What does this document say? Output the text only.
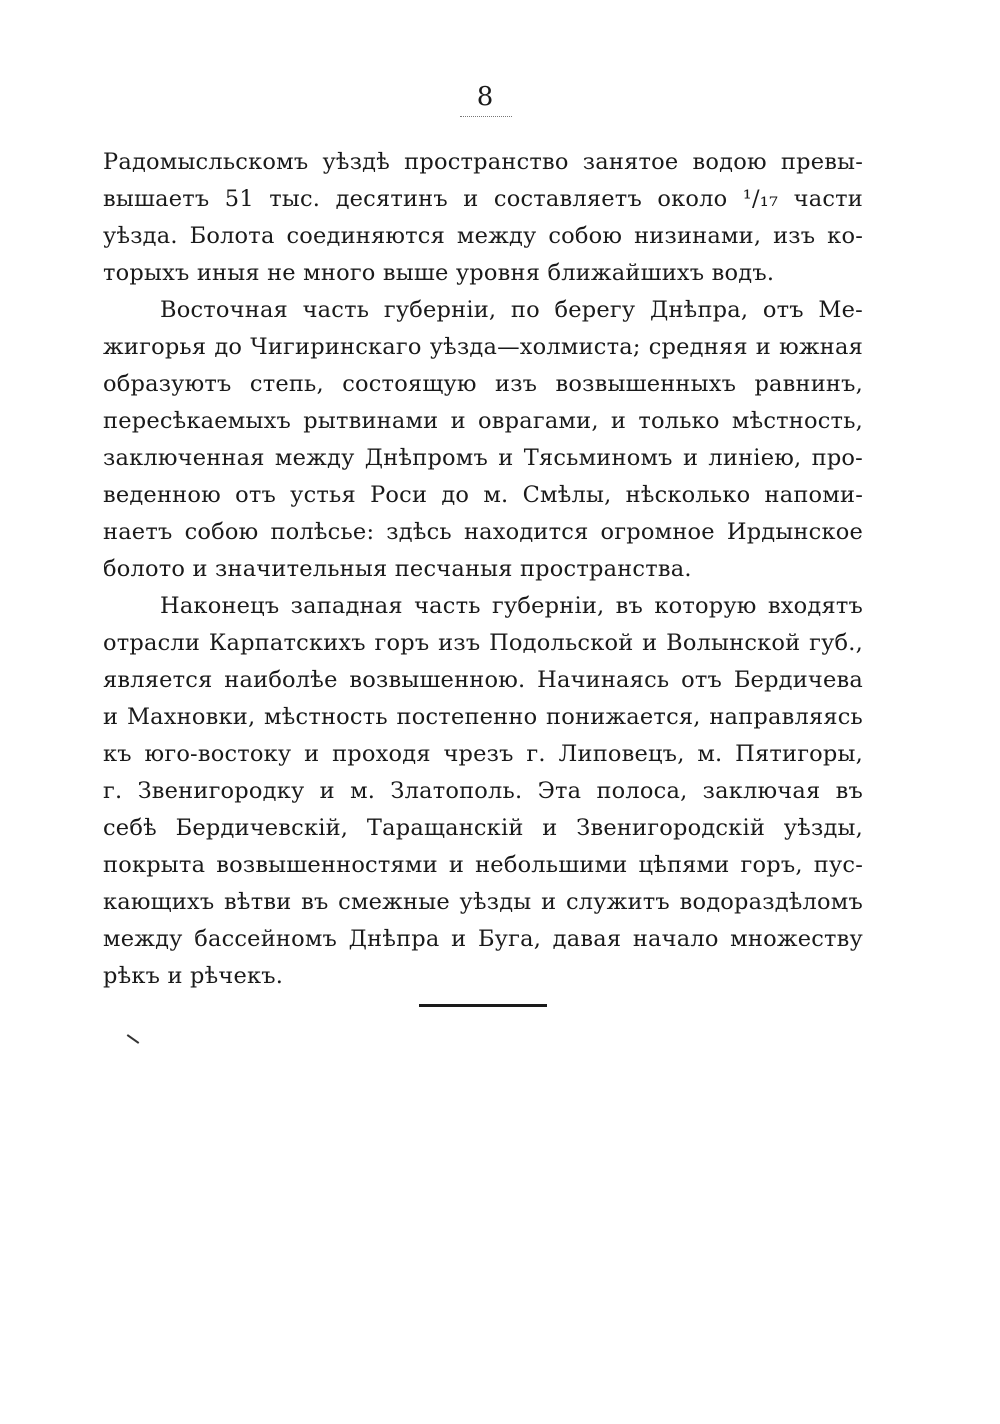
8
Радомысльскомъ уѣздѣ пространство занятое водою превы-
вышаетъ 51 тыс. десятинъ и составляетъ около ¹/₁₇ части
уѣзда. Болота соединяются между собою низинами, изъ ко-
торыхъ иныя не много выше уровня ближайшихъ водъ.
Восточная часть губерніи, по берегу Днѣпра, отъ Ме-
жигорья до Чигиринскаго уѣзда—холмиста; средняя и южная
образуютъ степь, состоящую изъ возвышенныхъ равнинъ,
пересѣкаемыхъ рытвинами и оврагами, и только мѣстность,
заключенная между Днѣпромъ и Тясьминомъ и линіею, про-
веденною отъ устья Роси до м. Смѣлы, нѣсколько напоми-
наетъ собою полѣсье: здѣсь находится огромное Ирдынское
болото и значительныя песчаныя пространства.
Наконецъ западная часть губерніи, въ которую входятъ
отрасли Карпатскихъ горъ изъ Подольской и Волынской губ.,
является наиболѣе возвышенною. Начинаясь отъ Бердичева
и Махновки, мѣстность постепенно понижается, направляясь
къ юго-востоку и проходя чрезъ г. Липовецъ, м. Пятигоры,
г. Звенигородку и м. Златополь. Эта полоса, заключая въ
себѣ Бердичевскій, Таращанскій и Звенигородскій уѣзды,
покрыта возвышенностями и небольшими цѣпями горъ, пус-
кающихъ вѣтви въ смежные уѣзды и служитъ водораздѣломъ
между бассейномъ Днѣпра и Буга, давая начало множеству
рѣкъ и рѣчекъ.
